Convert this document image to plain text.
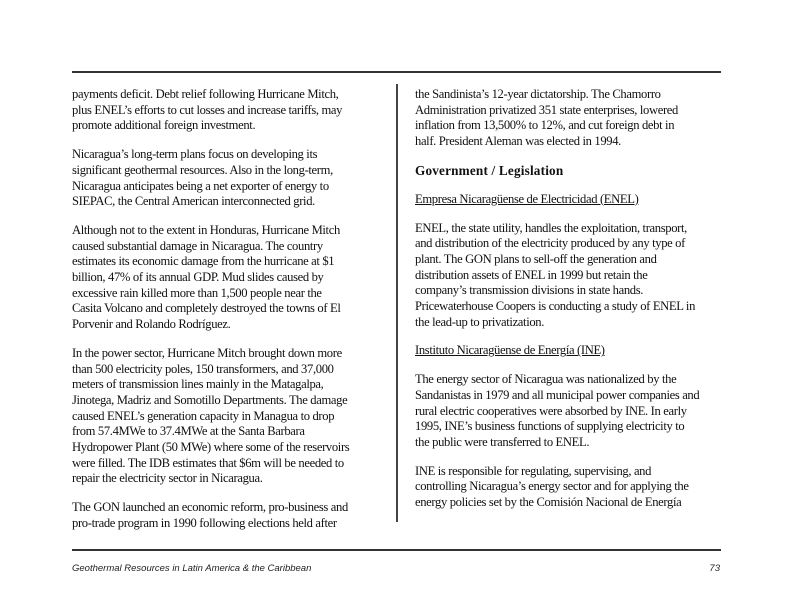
payments deficit. Debt relief following Hurricane Mitch,
plus ENEL’s efforts to cut losses and increase tariffs, may
promote additional foreign investment.
Nicaragua’s long-term plans focus on developing its
significant geothermal resources. Also in the long-term,
Nicaragua anticipates being a net exporter of energy to
SIEPAC, the Central American interconnected grid.
Although not to the extent in Honduras, Hurricane Mitch
caused substantial damage in Nicaragua. The country
estimates its economic damage from the hurricane at $1
billion, 47% of its annual GDP. Mud slides caused by
excessive rain killed more than 1,500 people near the
Casita Volcano and completely destroyed the towns of El
Porvenir and Rolando Rodríguez.
In the power sector, Hurricane Mitch brought down more
than 500 electricity poles, 150 transformers, and 37,000
meters of transmission lines mainly in the Matagalpa,
Jinotega, Madriz and Somotillo Departments. The damage
caused ENEL’s generation capacity in Managua to drop
from 57.4MWe to 37.4MWe at the Santa Barbara
Hydropower Plant (50 MWe) where some of the reservoirs
were filled. The IDB estimates that $6m will be needed to
repair the electricity sector in Nicaragua.
The GON launched an economic reform, pro-business and
pro-trade program in 1990 following elections held after
the Sandinista’s 12-year dictatorship. The Chamorro
Administration privatized 351 state enterprises, lowered
inflation from 13,500% to 12%, and cut foreign debt in
half. President Aleman was elected in 1994.
Government / Legislation
Empresa Nicaragüense de Electricidad (ENEL)
ENEL, the state utility, handles the exploitation, transport,
and distribution of the electricity produced by any type of
plant. The GON plans to sell-off the generation and
distribution assets of ENEL in 1999 but retain the
company’s transmission divisions in state hands.
Pricewaterhouse Coopers is conducting a study of ENEL in
the lead-up to privatization.
Instituto Nicaragüense de Energía (INE)
The energy sector of Nicaragua was nationalized by the
Sandanistas in 1979 and all municipal power companies and
rural electric cooperatives were absorbed by INE. In early
1995, INE’s business functions of supplying electricity to
the public were transferred to ENEL.
INE is responsible for regulating, supervising, and
controlling Nicaragua’s energy sector and for applying the
energy policies set by the Comisión Nacional de Energía
Geothermal Resources in Latin America & the Caribbean	73
